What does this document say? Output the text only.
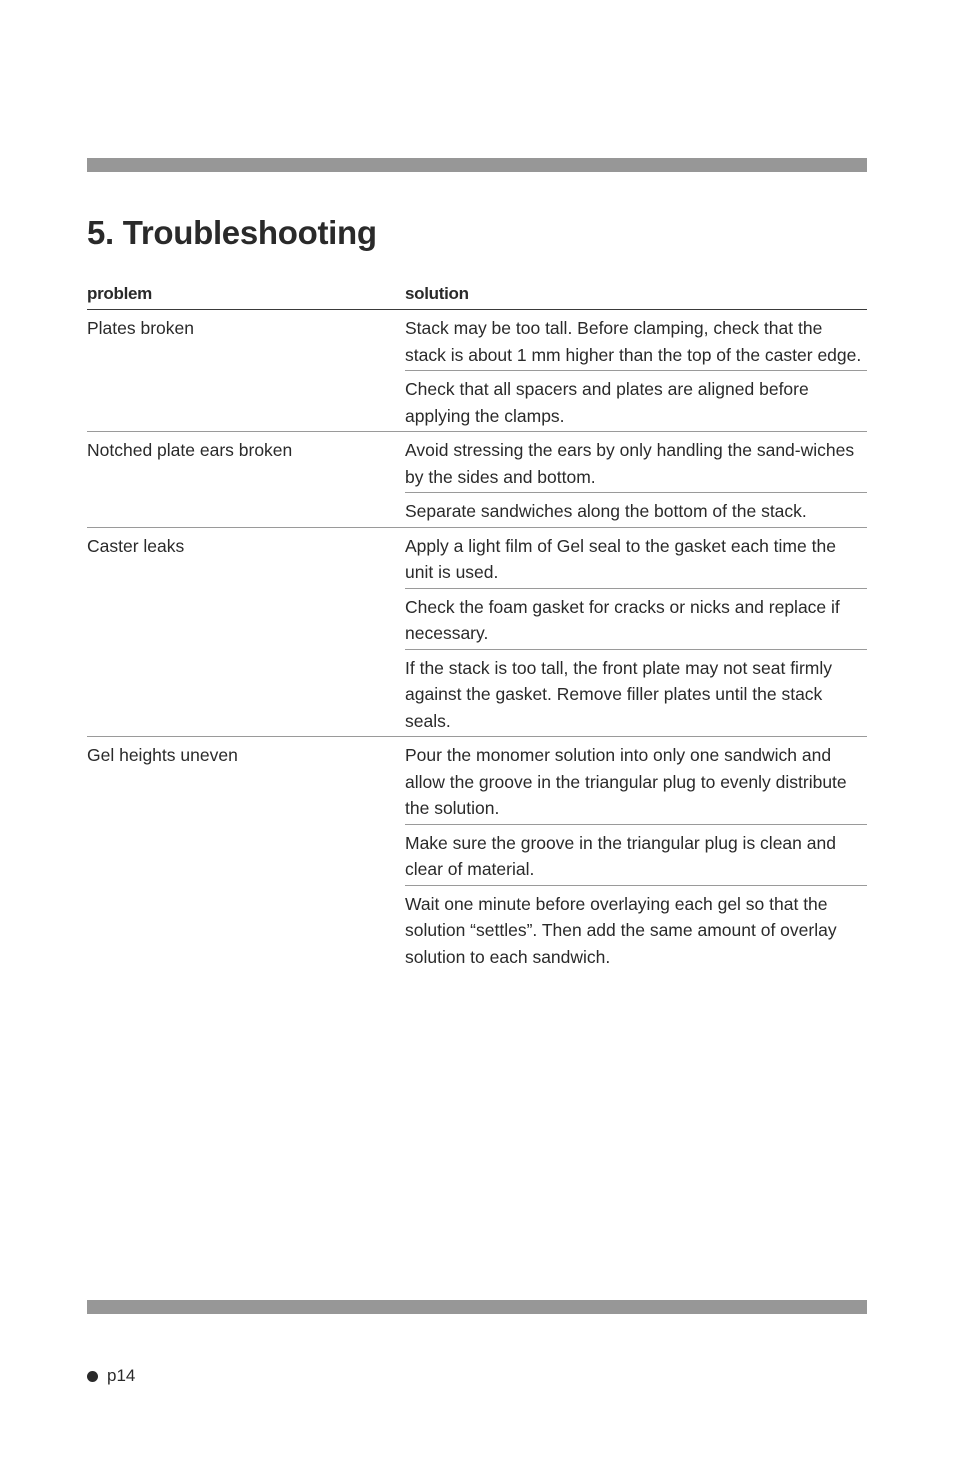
5. Troubleshooting
problem	solution
Plates broken	Stack may be too tall. Before clamping, check that the stack is about 1 mm higher than the top of the caster edge.
Check that all spacers and plates are aligned before applying the clamps.
Notched plate ears broken	Avoid stressing the ears by only handling the sand-wiches by the sides and bottom.
Separate sandwiches along the bottom of the stack.
Caster leaks	Apply a light film of Gel seal to the gasket each time the unit is used.
Check the foam gasket for cracks or nicks and replace if necessary.
If the stack is too tall, the front plate may not seat firmly against the gasket. Remove filler plates until the stack seals.
Gel heights uneven	Pour the monomer solution into only one sandwich and allow the groove in the triangular plug to evenly distribute the solution.
Make sure the groove in the triangular plug is clean and clear of material.
Wait one minute before overlaying each gel so that the solution “settles”. Then add the same amount of overlay solution to each sandwich.
p14
